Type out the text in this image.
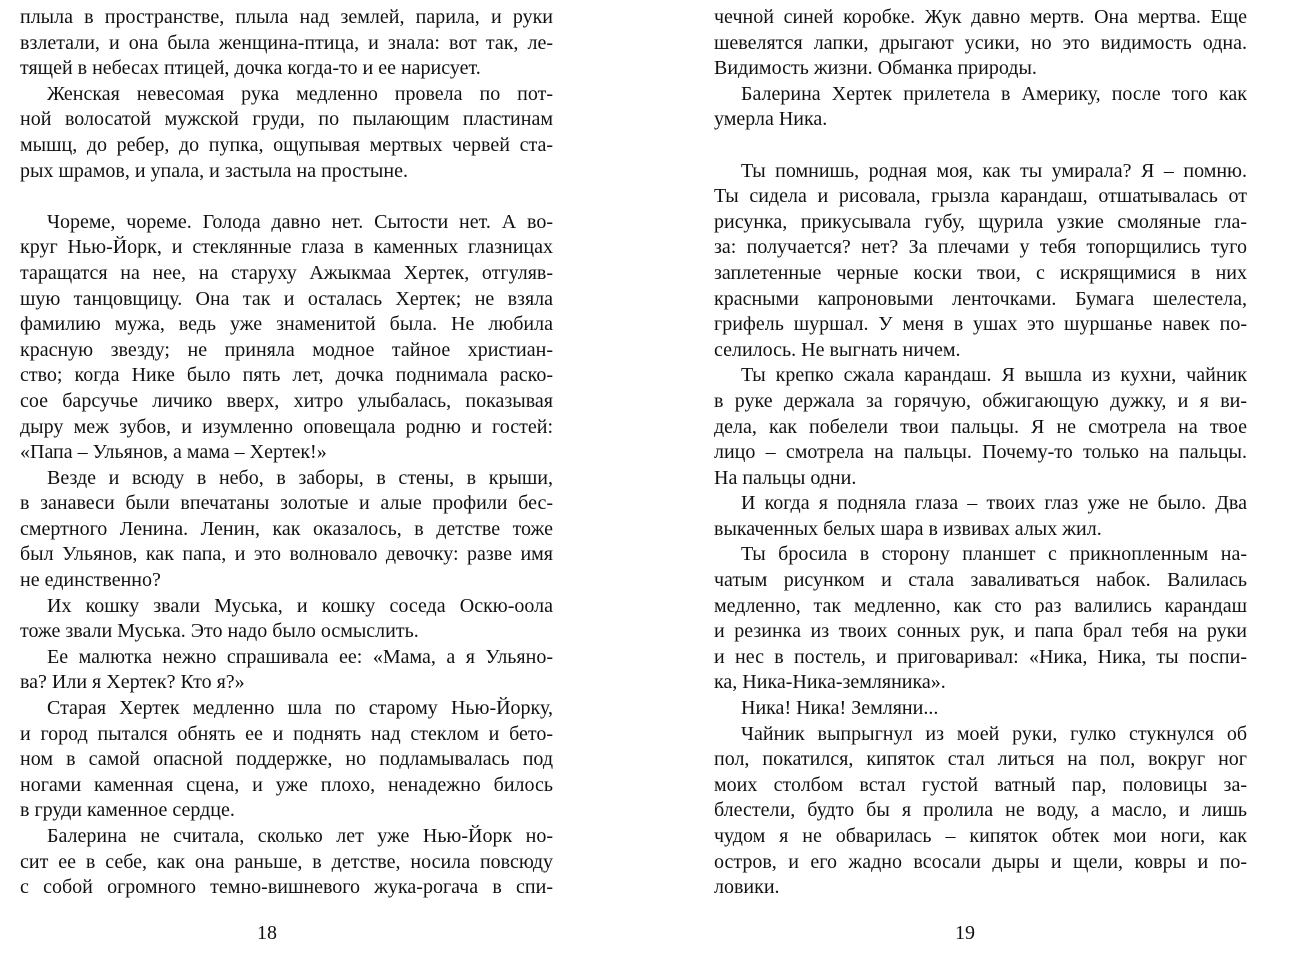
плыла в пространстве, плыла над землей, парила, и руки
взлетали, и она была женщина-птица, и знала: вот так, ле-
тящей в небесах птицей, дочка когда-то и ее нарисует.
Женская невесомая рука медленно провела по пот-
ной волосатой мужской груди, по пылающим пластинам
мышц, до ребер, до пупка, ощупывая мертвых червей ста-
рых шрамов, и упала, и застыла на простыне.
Чореме, чореме. Голода давно нет. Сытости нет. А во-
круг Нью-Йорк, и стеклянные глаза в каменных глазницах
таращатся на нее, на старуху Ажыкмаа Хертек, отгуляв-
шую танцовщицу. Она так и осталась Хертек; не взяла
фамилию мужа, ведь уже знаменитой была. Не любила
красную звезду; не приняла модное тайное христиан-
ство; когда Нике было пять лет, дочка поднимала раско-
сое барсучье личико вверх, хитро улыбалась, показывая
дыру меж зубов, и изумленно оповещала родню и гостей:
«Папа – Ульянов, а мама – Хертек!»
Везде и всюду в небо, в заборы, в стены, в крыши,
в занавеси были впечатаны золотые и алые профили бес-
смертного Ленина. Ленин, как оказалось, в детстве тоже
был Ульянов, как папа, и это волновало девочку: разве имя
не единственно?
Их кошку звали Муська, и кошку соседа Оскю-оола
тоже звали Муська. Это надо было осмыслить.
Ее малютка нежно спрашивала ее: «Мама, а я Ульяно-
ва? Или я Хертек? Кто я?»
Старая Хертек медленно шла по старому Нью-Йорку,
и город пытался обнять ее и поднять над стеклом и бето-
ном в самой опасной поддержке, но подламывалась под
ногами каменная сцена, и уже плохо, ненадежно билось
в груди каменное сердце.
Балерина не считала, сколько лет уже Нью-Йорк но-
сит ее в себе, как она раньше, в детстве, носила повсюду
с собой огромного темно-вишневого жука-рогача в спи-
18
чечной синей коробке. Жук давно мертв. Она мертва. Еще
шевелятся лапки, дрыгают усики, но это видимость одна.
Видимость жизни. Обманка природы.
Балерина Хертек прилетела в Америку, после того как
умерла Ника.
Ты помнишь, родная моя, как ты умирала? Я – помню.
Ты сидела и рисовала, грызла карандаш, отшатывалась от
рисунка, прикусывала губу, щурила узкие смоляные гла-
за: получается? нет? За плечами у тебя топорщились туго
заплетенные черные коски твои, с искрящимися в них
красными капроновыми ленточками. Бумага шелестела,
грифель шуршал. У меня в ушах это шуршанье навек по-
селилось. Не выгнать ничем.
Ты крепко сжала карандаш. Я вышла из кухни, чайник
в руке держала за горячую, обжигающую дужку, и я ви-
дела, как побелели твои пальцы. Я не смотрела на твое
лицо – смотрела на пальцы. Почему-то только на пальцы.
На пальцы одни.
И когда я подняла глаза – твоих глаз уже не было. Два
выкаченных белых шара в извивах алых жил.
Ты бросила в сторону планшет с прикнопленным на-
чатым рисунком и стала заваливаться набок. Валилась
медленно, так медленно, как сто раз валились карандаш
и резинка из твоих сонных рук, и папа брал тебя на руки
и нес в постель, и приговаривал: «Ника, Ника, ты поспи-
ка, Ника-Ника-земляника».
Ника! Ника! Земляни...
Чайник выпрыгнул из моей руки, гулко стукнулся об
пол, покатился, кипяток стал литься на пол, вокруг ног
моих столбом встал густой ватный пар, половицы за-
блестели, будто бы я пролила не воду, а масло, и лишь
чудом я не обварилась – кипяток обтек мои ноги, как
остров, и его жадно всосали дыры и щели, ковры и по-
ловики.
19
